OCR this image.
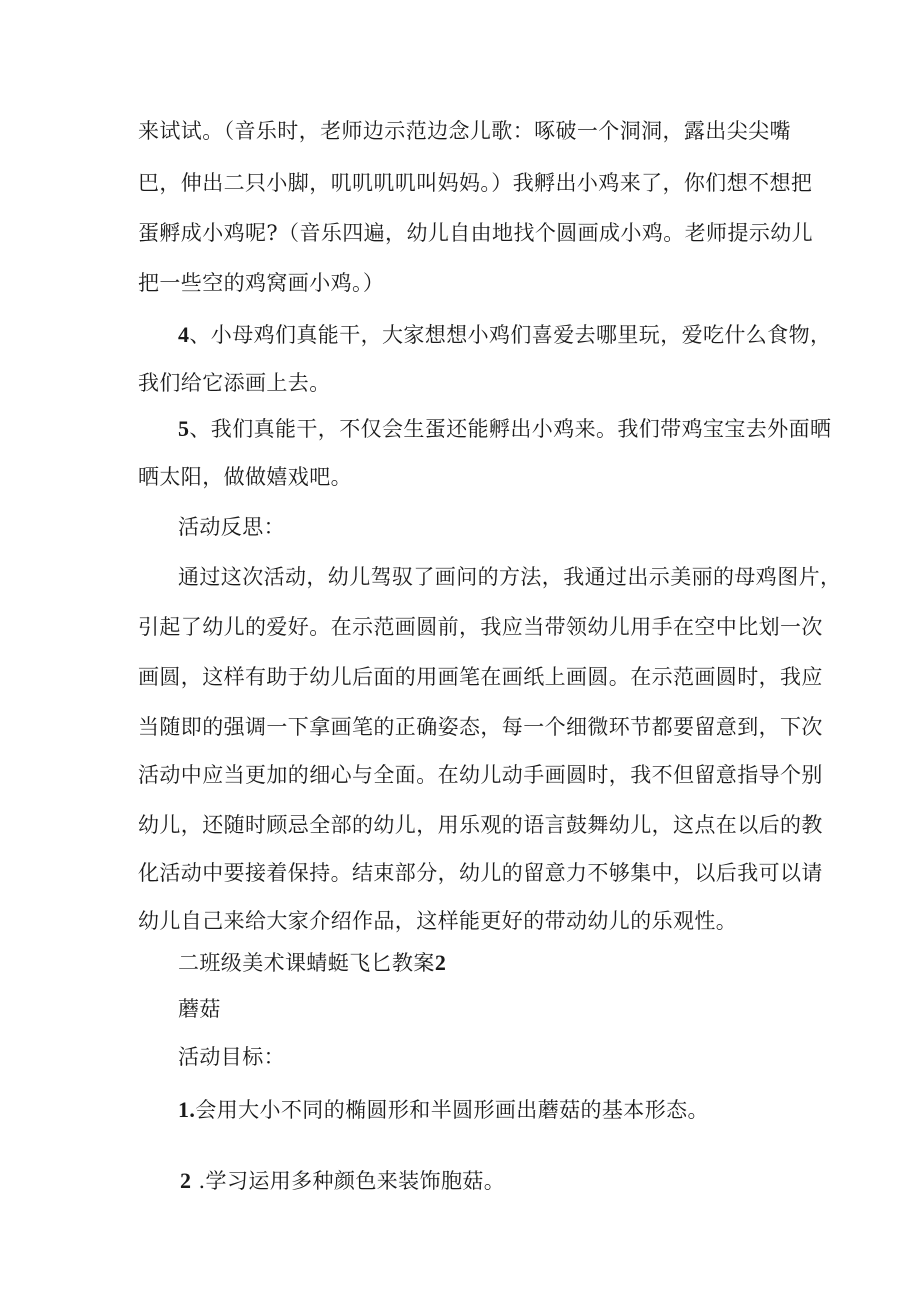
来试试。（音乐时，老师边示范边念儿歌：啄破一个洞洞，露出尖尖嘴
巴，伸出二只小脚，叽叽叽叽叫妈妈。）我孵出小鸡来了，你们想不想把
蛋孵成小鸡呢?（音乐四遍，幼儿自由地找个圆画成小鸡。老师提示幼儿
把一些空的鸡窝画小鸡。）
4、小母鸡们真能干，大家想想小鸡们喜爱去哪里玩，爱吃什么食物，
我们给它添画上去。
5、我们真能干，不仅会生蛋还能孵出小鸡来。我们带鸡宝宝去外面晒
晒太阳，做做嬉戏吧。
活动反思：
通过这次活动，幼儿驾驭了画问的方法，我通过出示美丽的母鸡图片，
引起了幼儿的爱好。在示范画圆前，我应当带领幼儿用手在空中比划一次
画圆，这样有助于幼儿后面的用画笔在画纸上画圆。在示范画圆时，我应
当随即的强调一下拿画笔的正确姿态，每一个细微环节都要留意到，下次
活动中应当更加的细心与全面。在幼儿动手画圆时，我不但留意指导个别
幼儿，还随时顾忌全部的幼儿，用乐观的语言鼓舞幼儿，这点在以后的教
化活动中要接着保持。结束部分，幼儿的留意力不够集中，以后我可以请
幼儿自己来给大家介绍作品，这样能更好的带动幼儿的乐观性。
二班级美术课蜻蜓飞匕教案2
蘑菇
活动目标：
1.会用大小不同的椭圆形和半圆形画出蘑菇的基本形态。
2 .学习运用多种颜色来装饰胞菇。
